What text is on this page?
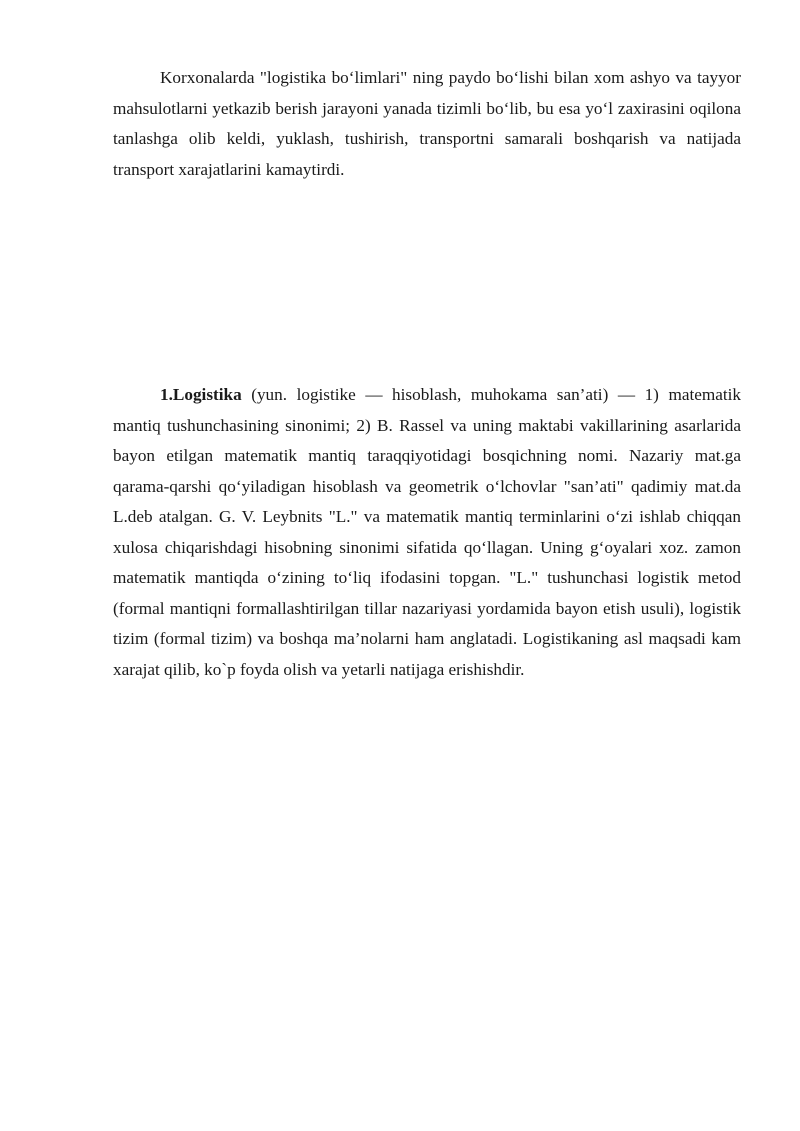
Korxonalarda "logistika bo‘limlari" ning paydo bo‘lishi bilan xom ashyo va tayyor mahsulotlarni yetkazib berish jarayoni yanada tizimli bo‘lib, bu esa yo‘l zaxirasini oqilona tanlashga olib keldi, yuklash, tushirish, transportni samarali boshqarish va natijada transport xarajatlarini kamaytirdi.

1.Logistika (yun. logistike — hisoblash, muhokama san’ati) — 1) matematik mantiq tushunchasining sinonimi; 2) B. Rassel va uning maktabi vakillarining asarlarida bayon etilgan matematik mantiq taraqqiyotidagi bosqichning nomi. Nazariy mat.ga qarama-qarshi qo‘yiladigan hisoblash va geometrik o‘lchovlar "san’ati" qadimiy mat.da L.deb atalgan. G. V. Leybnits "L." va matematik mantiq terminlarini o‘zi ishlab chiqqan xulosa chiqarishdagi hisobning sinonimi sifatida qo‘llagan. Uning g‘oyalari xoz. zamon matematik mantiqda o‘zining to‘liq ifodasini topgan. "L." tushunchasi logistik metod (formal mantiqni formallashtirilgan tillar nazariyasi yordamida bayon etish usuli), logistik tizim (formal tizim) va boshqa ma’nolarni ham anglatadi. Logistikaning asl maqsadi kam xarajat qilib, ko`p foyda olish va yetarli natijaga erishishdir.
